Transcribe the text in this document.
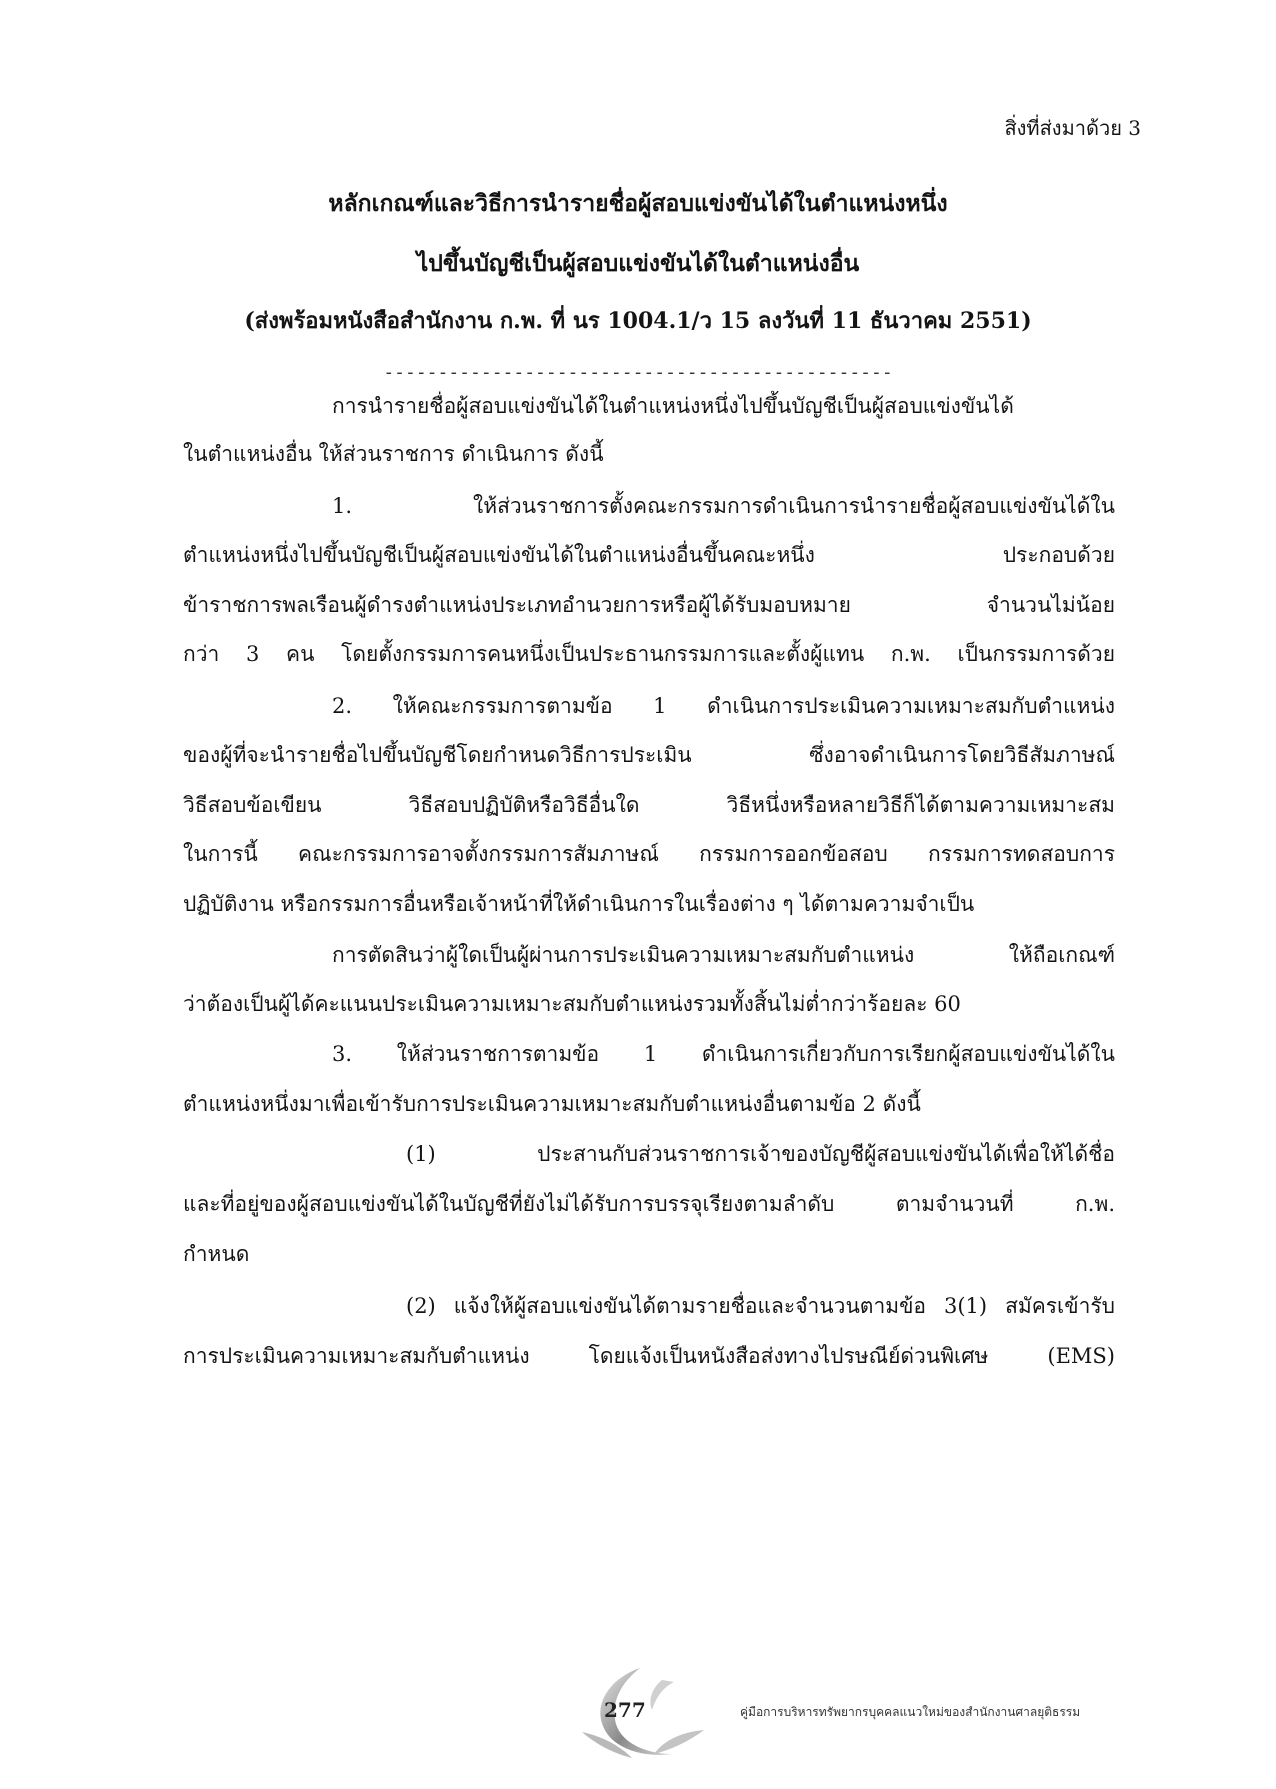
สิ่งที่ส่งมาด้วย 3
หลักเกณฑ์และวิธีการนำรายชื่อผู้สอบแข่งขันได้ในตำแหน่งหนึ่ง
ไปขึ้นบัญชีเป็นผู้สอบแข่งขันได้ในตำแหน่งอื่น
(ส่งพร้อมหนังสือสำนักงาน ก.พ. ที่ นร 1004.1/ว 15 ลงวันที่ 11 ธันวาคม 2551)
-----------------------------------------------
การนำรายชื่อผู้สอบแข่งขันได้ในตำแหน่งหนึ่งไปขึ้นบัญชีเป็นผู้สอบแข่งขันได้
ในตำแหน่งอื่น ให้ส่วนราชการ ดำเนินการ ดังนี้
1. ให้ส่วนราชการตั้งคณะกรรมการดำเนินการนำรายชื่อผู้สอบแข่งขันได้ใน
ตำแหน่งหนึ่งไปขึ้นบัญชีเป็นผู้สอบแข่งขันได้ในตำแหน่งอื่นขึ้นคณะหนึ่ง ประกอบด้วย
ข้าราชการพลเรือนผู้ดำรงตำแหน่งประเภทอำนวยการหรือผู้ได้รับมอบหมาย จำนวนไม่น้อย
กว่า 3 คน โดยตั้งกรรมการคนหนึ่งเป็นประธานกรรมการและตั้งผู้แทน ก.พ. เป็นกรรมการด้วย
2. ให้คณะกรรมการตามข้อ 1 ดำเนินการประเมินความเหมาะสมกับตำแหน่ง
ของผู้ที่จะนำรายชื่อไปขึ้นบัญชีโดยกำหนดวิธีการประเมิน ซึ่งอาจดำเนินการโดยวิธีสัมภาษณ์
วิธีสอบข้อเขียน วิธีสอบปฏิบัติหรือวิธีอื่นใด วิธีหนึ่งหรือหลายวิธีก็ได้ตามความเหมาะสม
ในการนี้ คณะกรรมการอาจตั้งกรรมการสัมภาษณ์ กรรมการออกข้อสอบ กรรมการทดสอบการ
ปฏิบัติงาน หรือกรรมการอื่นหรือเจ้าหน้าที่ให้ดำเนินการในเรื่องต่าง ๆ ได้ตามความจำเป็น
การตัดสินว่าผู้ใดเป็นผู้ผ่านการประเมินความเหมาะสมกับตำแหน่ง ให้ถือเกณฑ์
ว่าต้องเป็นผู้ได้คะแนนประเมินความเหมาะสมกับตำแหน่งรวมทั้งสิ้นไม่ต่ำกว่าร้อยละ 60
3. ให้ส่วนราชการตามข้อ 1 ดำเนินการเกี่ยวกับการเรียกผู้สอบแข่งขันได้ใน
ตำแหน่งหนึ่งมาเพื่อเข้ารับการประเมินความเหมาะสมกับตำแหน่งอื่นตามข้อ 2 ดังนี้
(1) ประสานกับส่วนราชการเจ้าของบัญชีผู้สอบแข่งขันได้เพื่อให้ได้ชื่อ
และที่อยู่ของผู้สอบแข่งขันได้ในบัญชีที่ยังไม่ได้รับการบรรจุเรียงตามลำดับ ตามจำนวนที่ ก.พ.
กำหนด
(2) แจ้งให้ผู้สอบแข่งขันได้ตามรายชื่อและจำนวนตามข้อ 3(1) สมัครเข้ารับ
การประเมินความเหมาะสมกับตำแหน่ง โดยแจ้งเป็นหนังสือส่งทางไปรษณีย์ด่วนพิเศษ (EMS)
277	คู่มือการบริหารทรัพยากรบุคคลแนวใหม่ของสำนักงานศาลยุติธรรม
